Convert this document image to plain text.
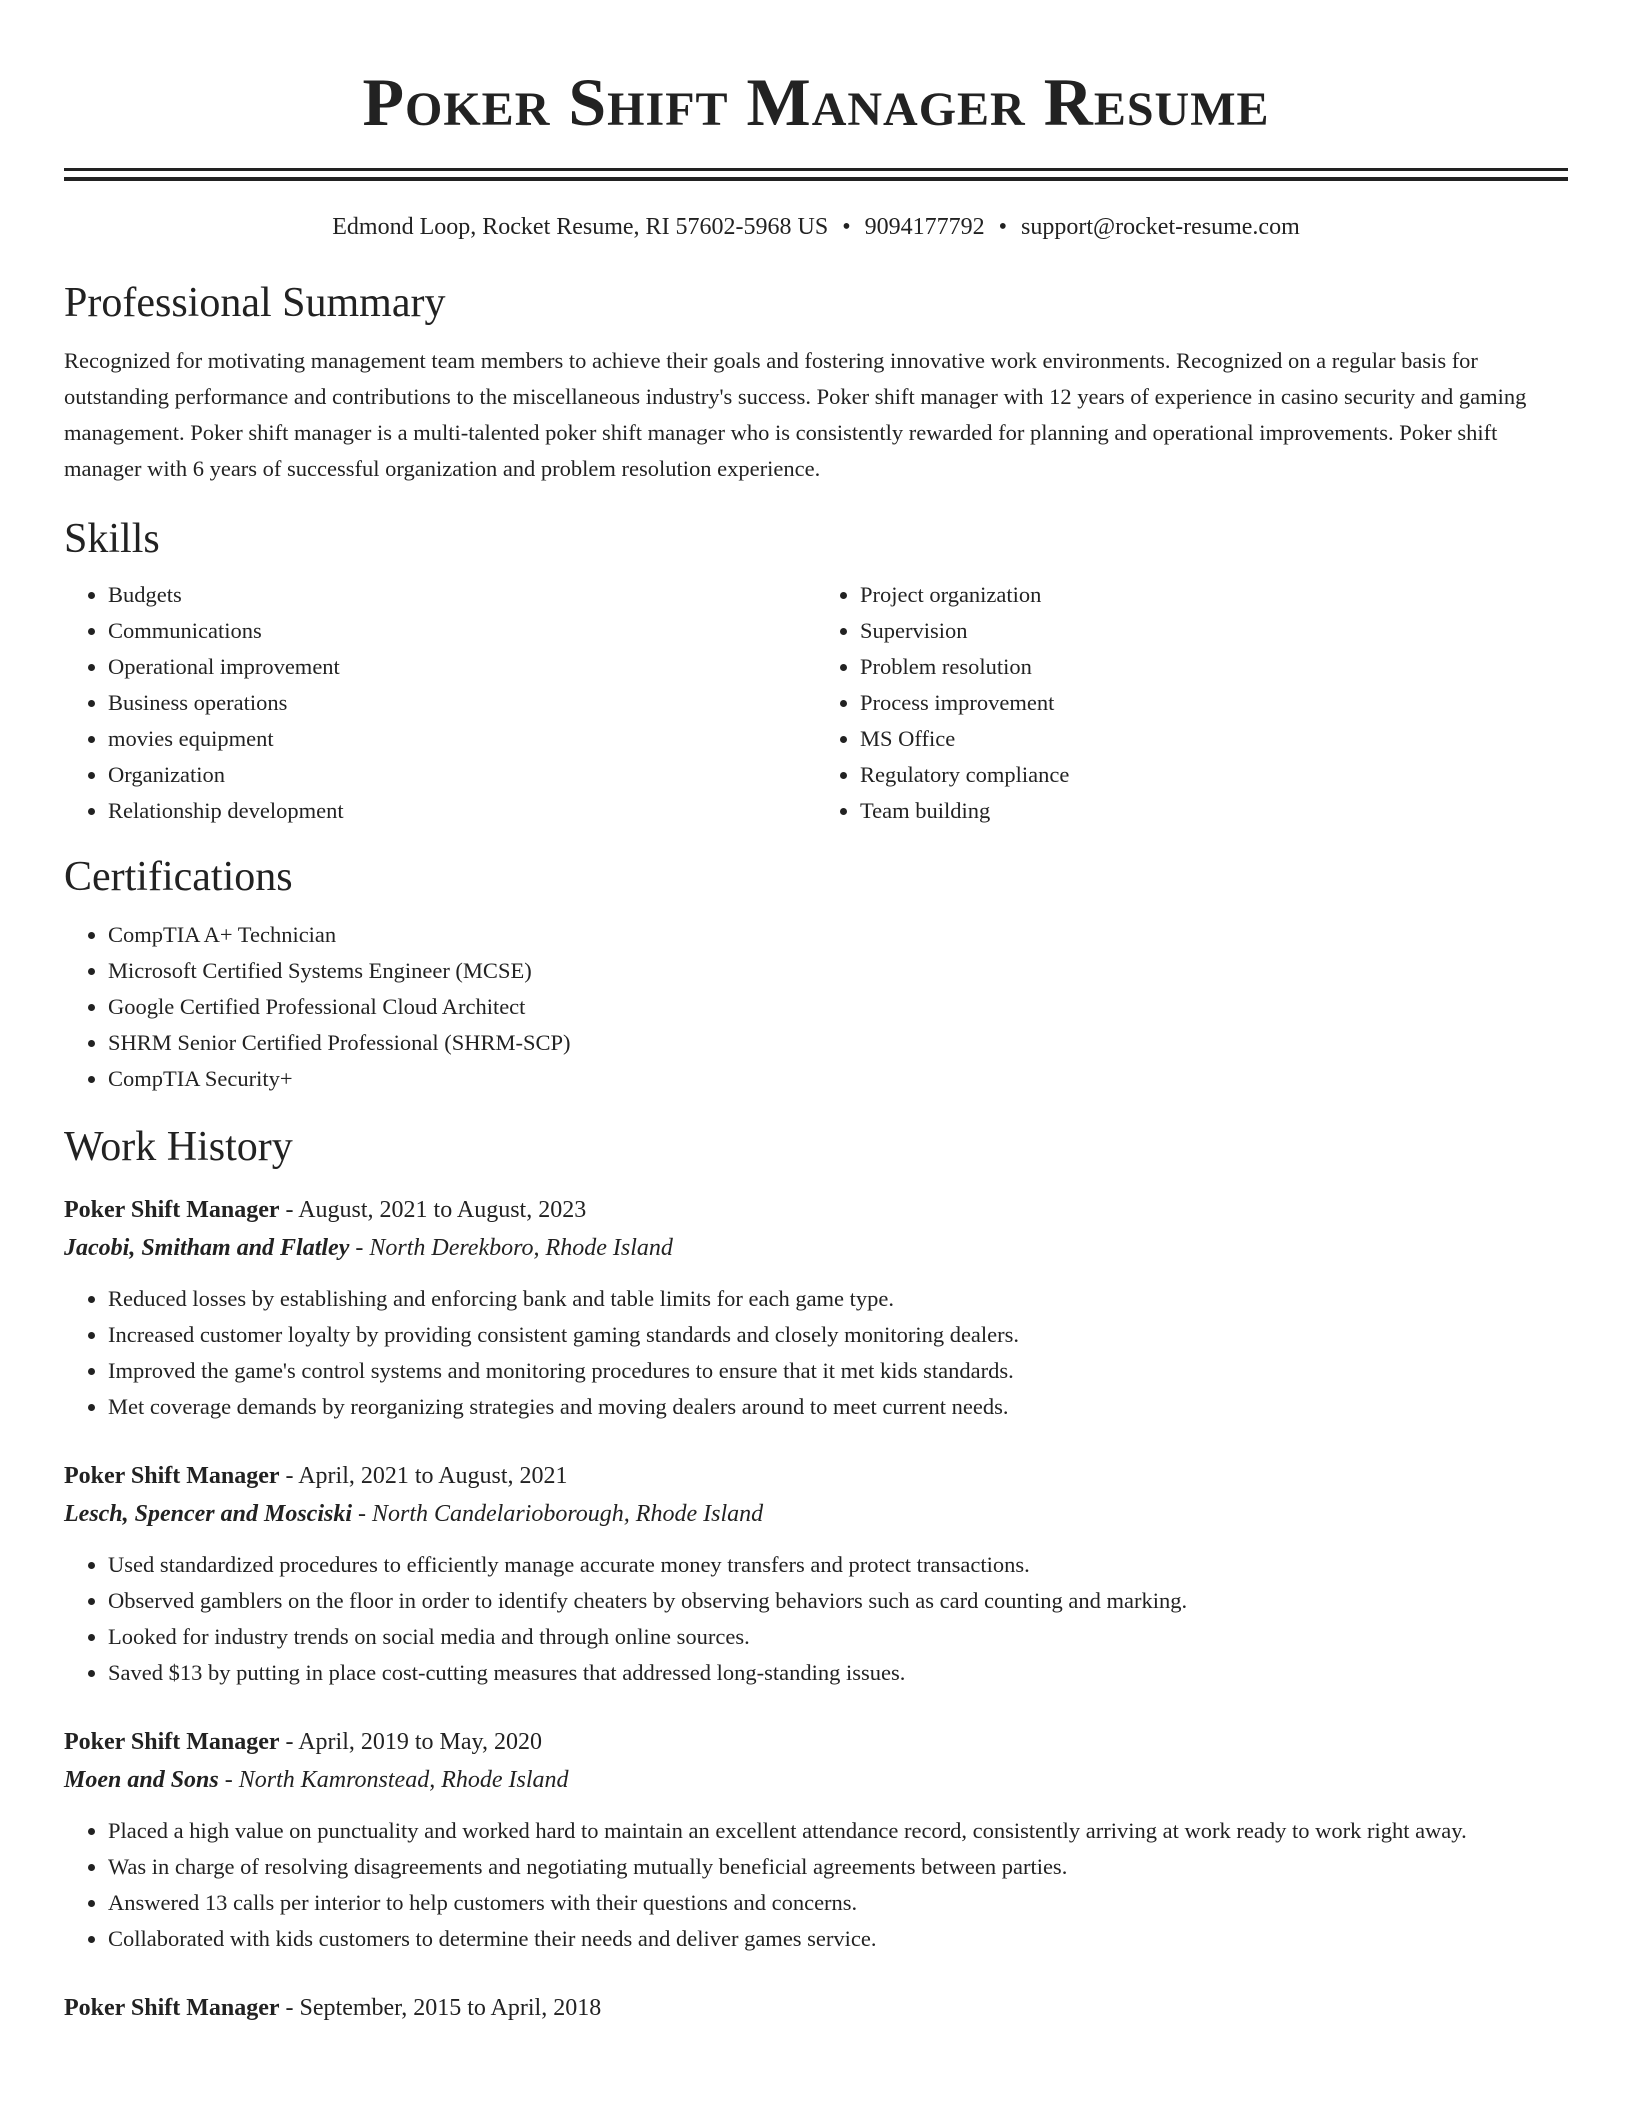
Poker Shift Manager Resume
Edmond Loop, Rocket Resume, RI 57602-5968 US • 9094177792 • support@rocket-resume.com
Professional Summary

Recognized for motivating management team members to achieve their goals and fostering innovative work environments. Recognized on a regular basis for outstanding performance and contributions to the miscellaneous industry's success. Poker shift manager with 12 years of experience in casino security and gaming management. Poker shift manager is a multi-talented poker shift manager who is consistently rewarded for planning and operational improvements. Poker shift manager with 6 years of successful organization and problem resolution experience.

Skills
• Budgets
• Communications
• Operational improvement
• Business operations
• movies equipment
• Organization
• Relationship development
• Project organization
• Supervision
• Problem resolution
• Process improvement
• MS Office
• Regulatory compliance
• Team building
Certifications
• CompTIA A+ Technician
• Microsoft Certified Systems Engineer (MCSE)
• Google Certified Professional Cloud Architect
• SHRM Senior Certified Professional (SHRM-SCP)
• CompTIA Security+
Work History
Poker Shift Manager - August, 2021 to August, 2023
Jacobi, Smitham and Flatley - North Derekboro, Rhode Island
• Reduced losses by establishing and enforcing bank and table limits for each game type.
• Increased customer loyalty by providing consistent gaming standards and closely monitoring dealers.
• Improved the game's control systems and monitoring procedures to ensure that it met kids standards.
• Met coverage demands by reorganizing strategies and moving dealers around to meet current needs.
Poker Shift Manager - April, 2021 to August, 2021
Lesch, Spencer and Mosciski - North Candelarioborough, Rhode Island
• Used standardized procedures to efficiently manage accurate money transfers and protect transactions.
• Observed gamblers on the floor in order to identify cheaters by observing behaviors such as card counting and marking.
• Looked for industry trends on social media and through online sources.
• Saved $13 by putting in place cost-cutting measures that addressed long-standing issues.
Poker Shift Manager - April, 2019 to May, 2020
Moen and Sons - North Kamronstead, Rhode Island
• Placed a high value on punctuality and worked hard to maintain an excellent attendance record, consistently arriving at work ready to work right away.
• Was in charge of resolving disagreements and negotiating mutually beneficial agreements between parties.
• Answered 13 calls per interior to help customers with their questions and concerns.
• Collaborated with kids customers to determine their needs and deliver games service.
Poker Shift Manager - September, 2015 to April, 2018
